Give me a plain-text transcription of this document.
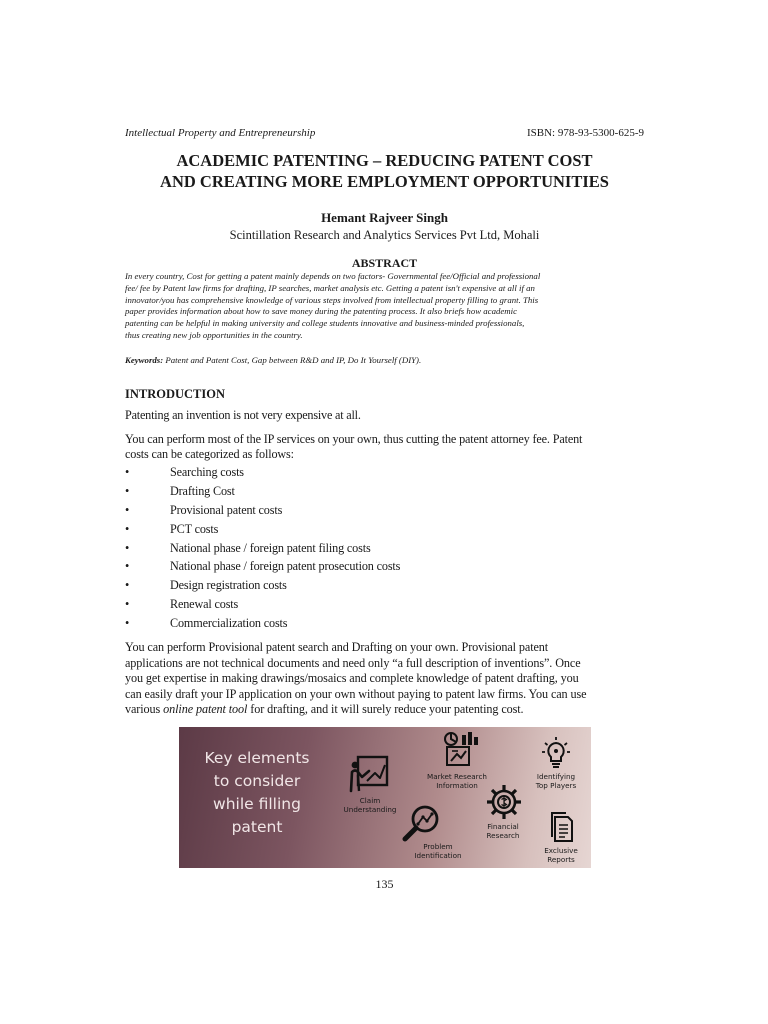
Intellectual Property and Entrepreneurship	ISBN: 978-93-5300-625-9
ACADEMIC PATENTING – REDUCING PATENT COST
AND CREATING MORE EMPLOYMENT OPPORTUNITIES
Hemant Rajveer Singh
Scintillation Research and Analytics Services Pvt Ltd, Mohali
ABSTRACT
In every country, Cost for getting a patent mainly depends on two factors- Governmental fee/Official and professional
fee/ fee by Patent law firms for drafting, IP searches, market analysis etc. Getting a patent isn't expensive at all if an
innovator/you has comprehensive knowledge of various steps involved from intellectual property filling to grant. This
paper provides information about how to save money during the patenting process. It also briefs how academic
patenting can be helpful in making university and college students innovative and business-minded professionals,
thus creating new job opportunities in the country.
Keywords: Patent and Patent Cost, Gap between R&D and IP, Do It Yourself (DIY).
INTRODUCTION
Patenting an invention is not very expensive at all.
You can perform most of the IP services on your own, thus cutting the patent attorney fee. Patent
costs can be categorized as follows:
•	Searching costs
•	Drafting Cost
•	Provisional patent costs
•	PCT costs
•	National phase / foreign patent filing costs
•	National phase / foreign patent prosecution costs
•	Design registration costs
•	Renewal costs
•	Commercialization costs
You can perform Provisional patent search and Drafting on your own. Provisional patent
applications are not technical documents and need only “a full description of inventions”. Once
you get expertise in making drawings/mosaics and complete knowledge of patent drafting, you
can easily draft your IP application on your own without paying to patent law firms. You can use
various online patent tool for drafting, and it will surely reduce your patenting cost.
Key elements
to consider
while filling
patent
Claim
Understanding
Market Research
Information
Identifying
Top Players
Financial
Research
Problem
Identification
Exclusive
Reports
135
